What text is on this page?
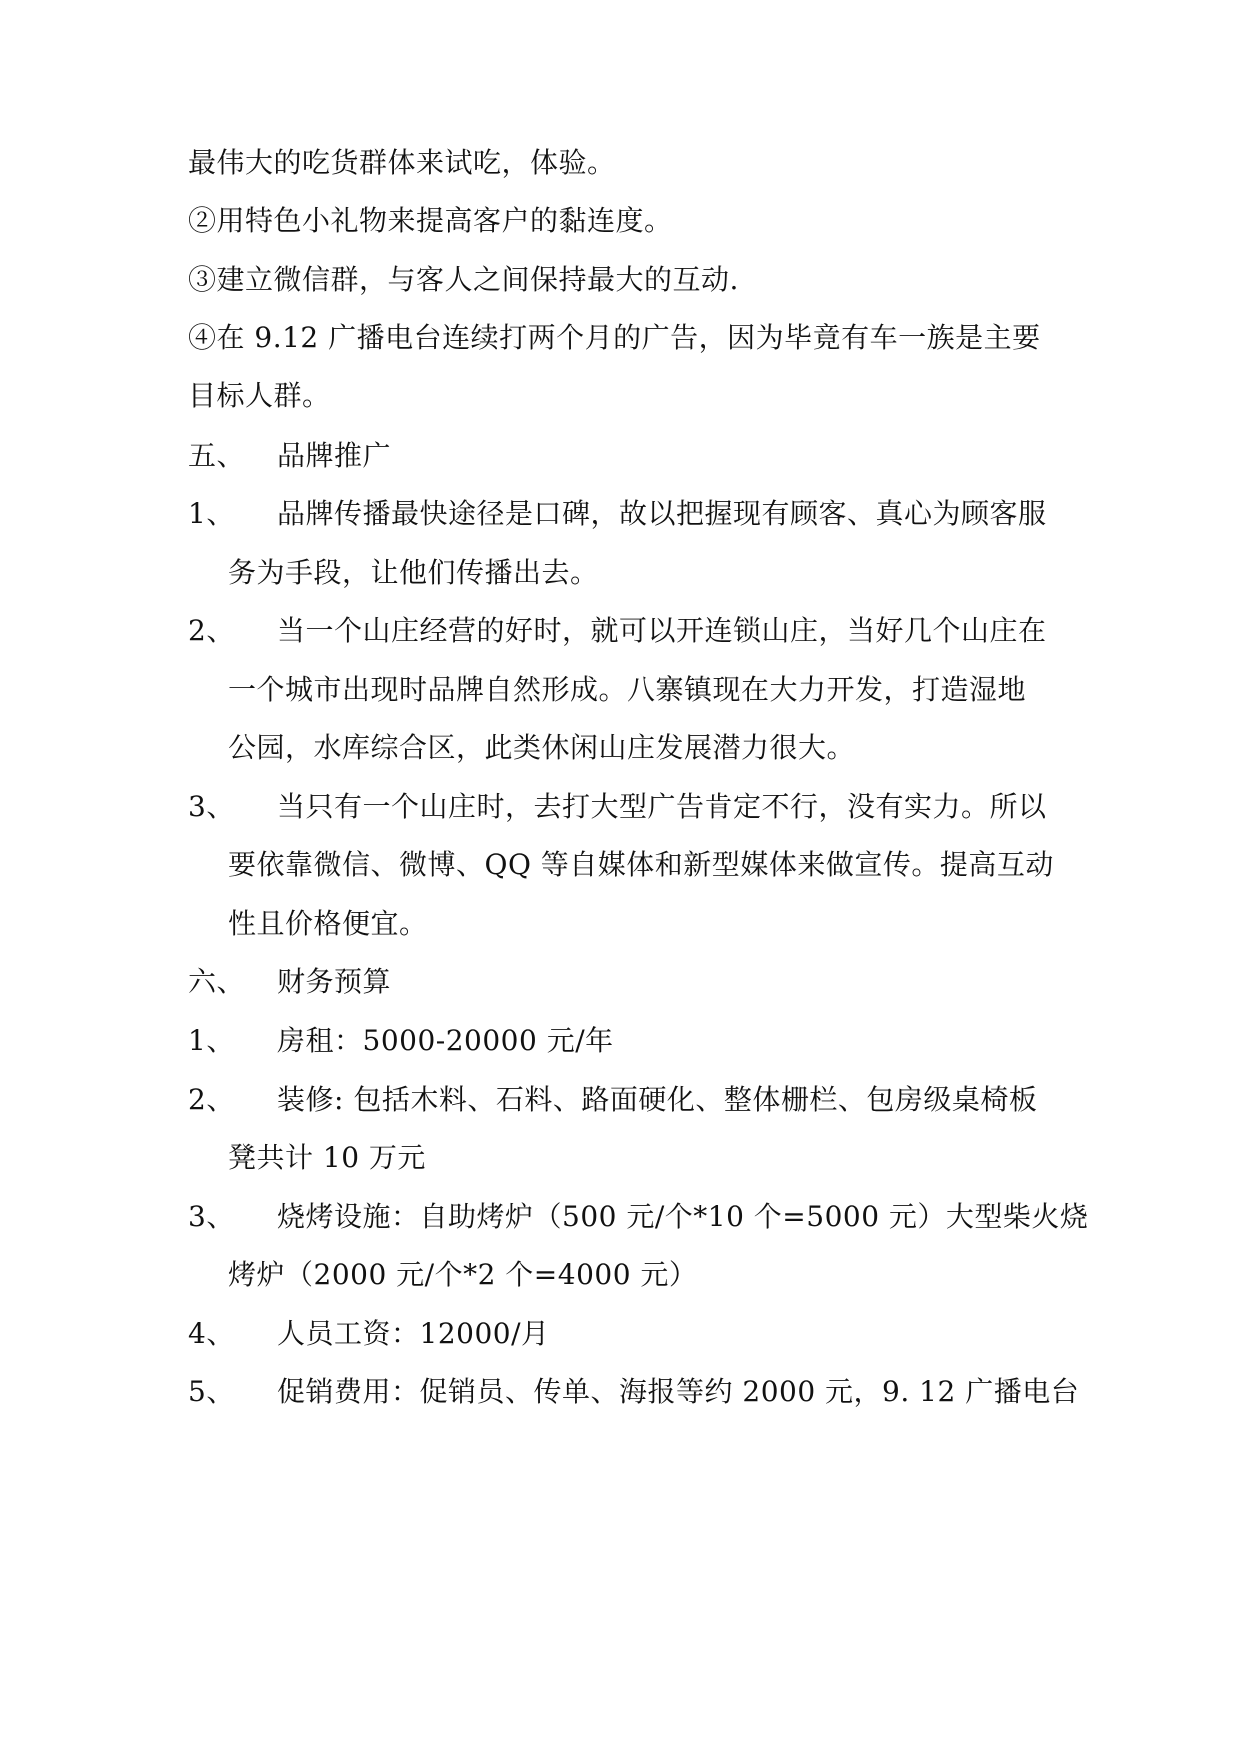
最伟大的吃货群体来试吃，体验。
②用特色小礼物来提高客户的黏连度。
③建立微信群，与客人之间保持最大的互动.
④在 9.12 广播电台连续打两个月的广告，因为毕竟有车一族是主要
目标人群。
五、 品牌推广
1、 品牌传播最快途径是口碑，故以把握现有顾客、真心为顾客服
务为手段，让他们传播出去。
2、 当一个山庄经营的好时，就可以开连锁山庄，当好几个山庄在
一个城市出现时品牌自然形成。八寨镇现在大力开发，打造湿地
公园，水库综合区，此类休闲山庄发展潜力很大。
3、 当只有一个山庄时，去打大型广告肯定不行，没有实力。所以
要依靠微信、微博、QQ 等自媒体和新型媒体来做宣传。提高互动
性且价格便宜。
六、 财务预算
1、 房租：5000-20000 元/年
2、 装修: 包括木料、石料、路面硬化、整体栅栏、包房级桌椅板
凳共计 10 万元
3、 烧烤设施：自助烤炉（500 元/个*10 个=5000 元）大型柴火烧
烤炉（2000 元/个*2 个=4000 元）
4、 人员工资：12000/月
5、 促销费用：促销员、传单、海报等约 2000 元，9. 12 广播电台
